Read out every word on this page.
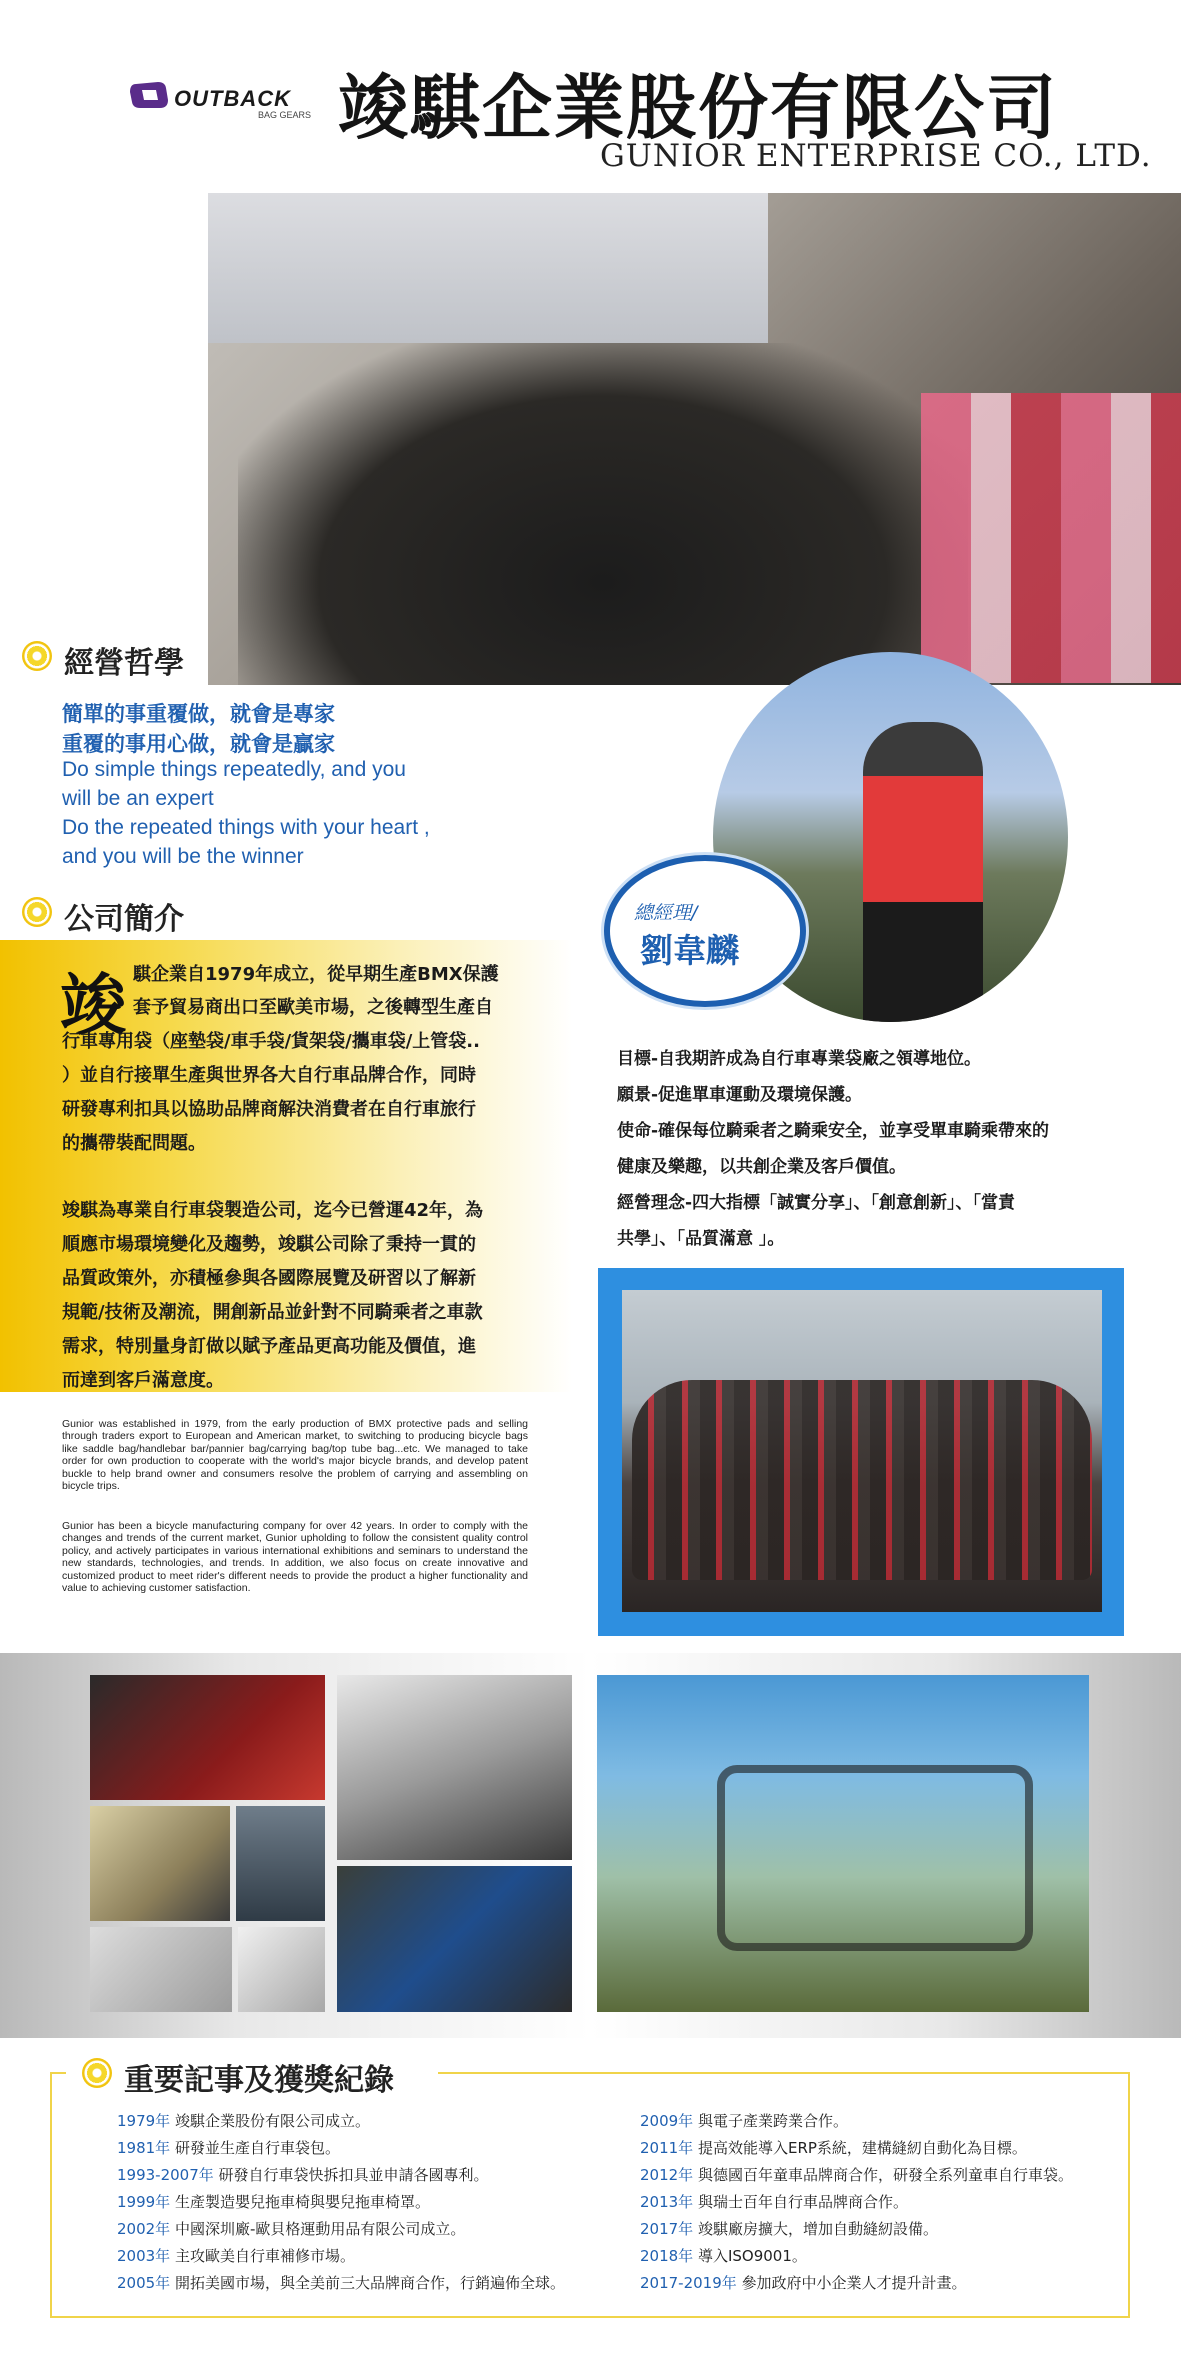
OUTBACK
BAG GEARS 竣騏企業股份有限公司
GUNIOR ENTERPRISE CO., LTD.
經營哲學
簡單的事重覆做，就會是專家
重覆的事用心做，就會是贏家
Do simple things repeatedly, and you
will be an expert
Do the repeated things with your heart ,
and you will be the winner
總經理/
劉韋麟
公司簡介
竣 騏企業自1979年成立，從早期生產BMX保護
套予貿易商出口至歐美市場，之後轉型生產自
行車專用袋（座墊袋/車手袋/貨架袋/攜車袋/上管袋..
）並自行接單生產與世界各大自行車品牌合作，同時
研發專利扣具以協助品牌商解決消費者在自行車旅行
的攜帶裝配問題。
竣騏為專業自行車袋製造公司，迄今已營運42年，為
順應市場環境變化及趨勢，竣騏公司除了秉持一貫的
品質政策外，亦積極參與各國際展覽及研習以了解新
規範/技術及潮流，開創新品並針對不同騎乘者之車款
需求，特別量身訂做以賦予產品更高功能及價值，進
而達到客戶滿意度。
Gunior was established in 1979, from the early production of BMX protective pads and selling through traders export to European and American market, to switching to producing bicycle bags like saddle bag/handlebar bar/pannier bag/carrying bag/top tube bag...etc. We managed to take order for own production to cooperate with the world's major bicycle brands, and develop patent buckle to help brand owner and consumers resolve the problem of carrying and assembling on bicycle trips.
Gunior has been a bicycle manufacturing company for over 42 years. In order to comply with the changes and trends of the current market, Gunior upholding to follow the consistent quality control policy, and actively participates in various international exhibitions and seminars to understand the new standards, technologies, and trends. In addition, we also focus on create innovative and customized product to meet rider's different needs to provide the product a higher functionality and value to achieving customer satisfaction.
目標-自我期許成為自行車專業袋廠之領導地位。
願景-促進單車運動及環境保護。
使命-確保每位騎乘者之騎乘安全，並享受單車騎乘帶來的
健康及樂趣，以共創企業及客戶價值。
經營理念-四大指標「誠實分享」、「創意創新」、「當責
共學」、「品質滿意 」。
重要記事及獲獎紀錄
1979年 竣騏企業股份有限公司成立。
1981年 研發並生產自行車袋包。
1993-2007年 研發自行車袋快拆扣具並申請各國專利。
1999年 生產製造嬰兒拖車椅與嬰兒拖車椅罩。
2002年 中國深圳廠-歐貝格運動用品有限公司成立。
2003年 主攻歐美自行車補修市場。
2005年 開拓美國市場，與全美前三大品牌商合作，行銷遍佈全球。
2009年 與電子產業跨業合作。
2011年 提高效能導入ERP系統，建構縫紉自動化為目標。
2012年 與德國百年童車品牌商合作，研發全系列童車自行車袋。
2013年 與瑞士百年自行車品牌商合作。
2017年 竣騏廠房擴大，增加自動縫紉設備。
2018年 導入ISO9001。
2017-2019年 參加政府中小企業人才提升計畫。
